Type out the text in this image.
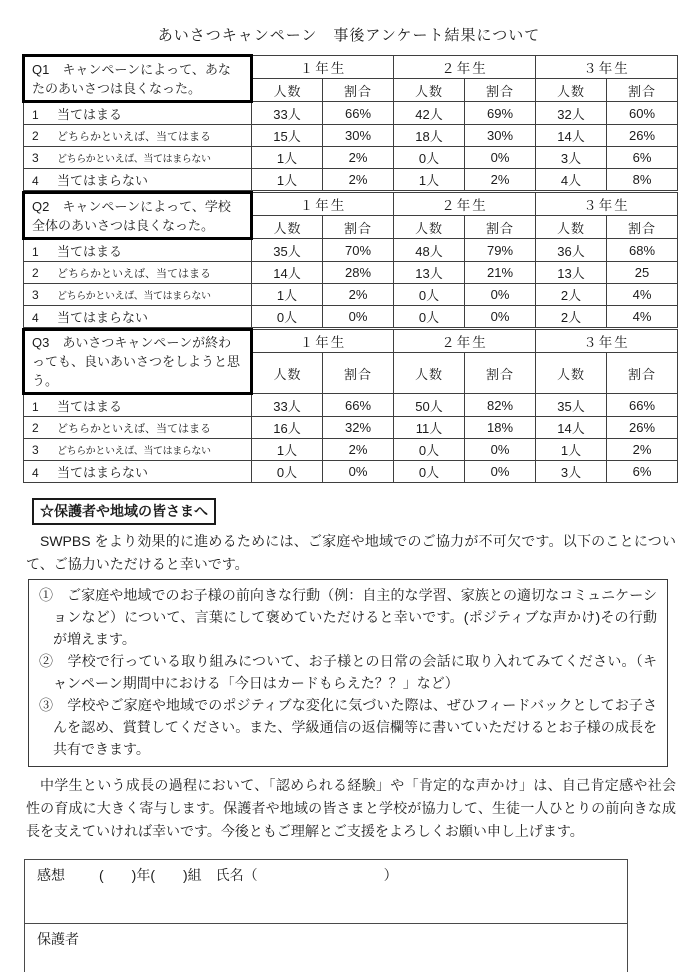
あいさつキャンペーン　事後アンケート結果について
Q1　キャンペーンによって、あなたのあいさつは良くなった。	１年生		２年生		３年生	
	人数	割合	人数	割合	人数	割合
1 当てはまる	33人	66%	42人	69%	32人	60%
2 どちらかといえば、当てはまる	15人	30%	18人	30%	14人	26%
3 どちらかといえば、当てはまらない	1人	2%	0人	0%	3人	6%
4 当てはまらない	1人	2%	1人	2%	4人	8%
Q2　キャンペーンによって、学校全体のあいさつは良くなった。	１年生		２年生		３年生	
	人数	割合	人数	割合	人数	割合
1 当てはまる	35人	70%	48人	79%	36人	68%
2 どちらかといえば、当てはまる	14人	28%	13人	21%	13人	25
3 どちらかといえば、当てはまらない	1人	2%	0人	0%	2人	4%
4 当てはまらない	0人	0%	0人	0%	2人	4%
Q3　あいさつキャンペーンが終わっても、良いあいさつをしようと思う。	１年生		２年生		３年生	
	人数	割合	人数	割合	人数	割合
1 当てはまる	33人	66%	50人	82%	35人	66%
2 どちらかといえば、当てはまる	16人	32%	11人	18%	14人	26%
3 どちらかといえば、当てはまらない	1人	2%	0人	0%	1人	2%
4 当てはまらない	0人	0%	0人	0%	3人	6%
☆保護者や地域の皆さまへ
SWPBS をより効果的に進めるためには、ご家庭や地域でのご協力が不可欠です。以下のことについて、ご協力いただけると幸いです。
①　ご家庭や地域でのお子様の前向きな行動（例：自主的な学習、家族との適切なコミュニケーションなど）について、言葉にして褒めていただけると幸いです。(ポジティブな声かけ)その行動が増えます。
②　学校で行っている取り組みについて、お子様との日常の会話に取り入れてみてください。（キャンペーン期間中における「今日はカードもらえた？？」など）
③　学校やご家庭や地域でのポジティブな変化に気づいた際は、ぜひフィードバックとしてお子さんを認め、賞賛してください。また、学級通信の返信欄等に書いていただけるとお子様の成長を共有できます。
中学生という成長の過程において、「認められる経験」や「肯定的な声かけ」は、自己肯定感や社会性の育成に大きく寄与します。保護者や地域の皆さまと学校が協力して、生徒一人ひとりの前向きな成長を支えていければ幸いです。今後ともご理解とご支援をよろしくお願い申し上げます。
感想 (　　)年(　　)組　氏名（　　　　　　　　　）
保護者
